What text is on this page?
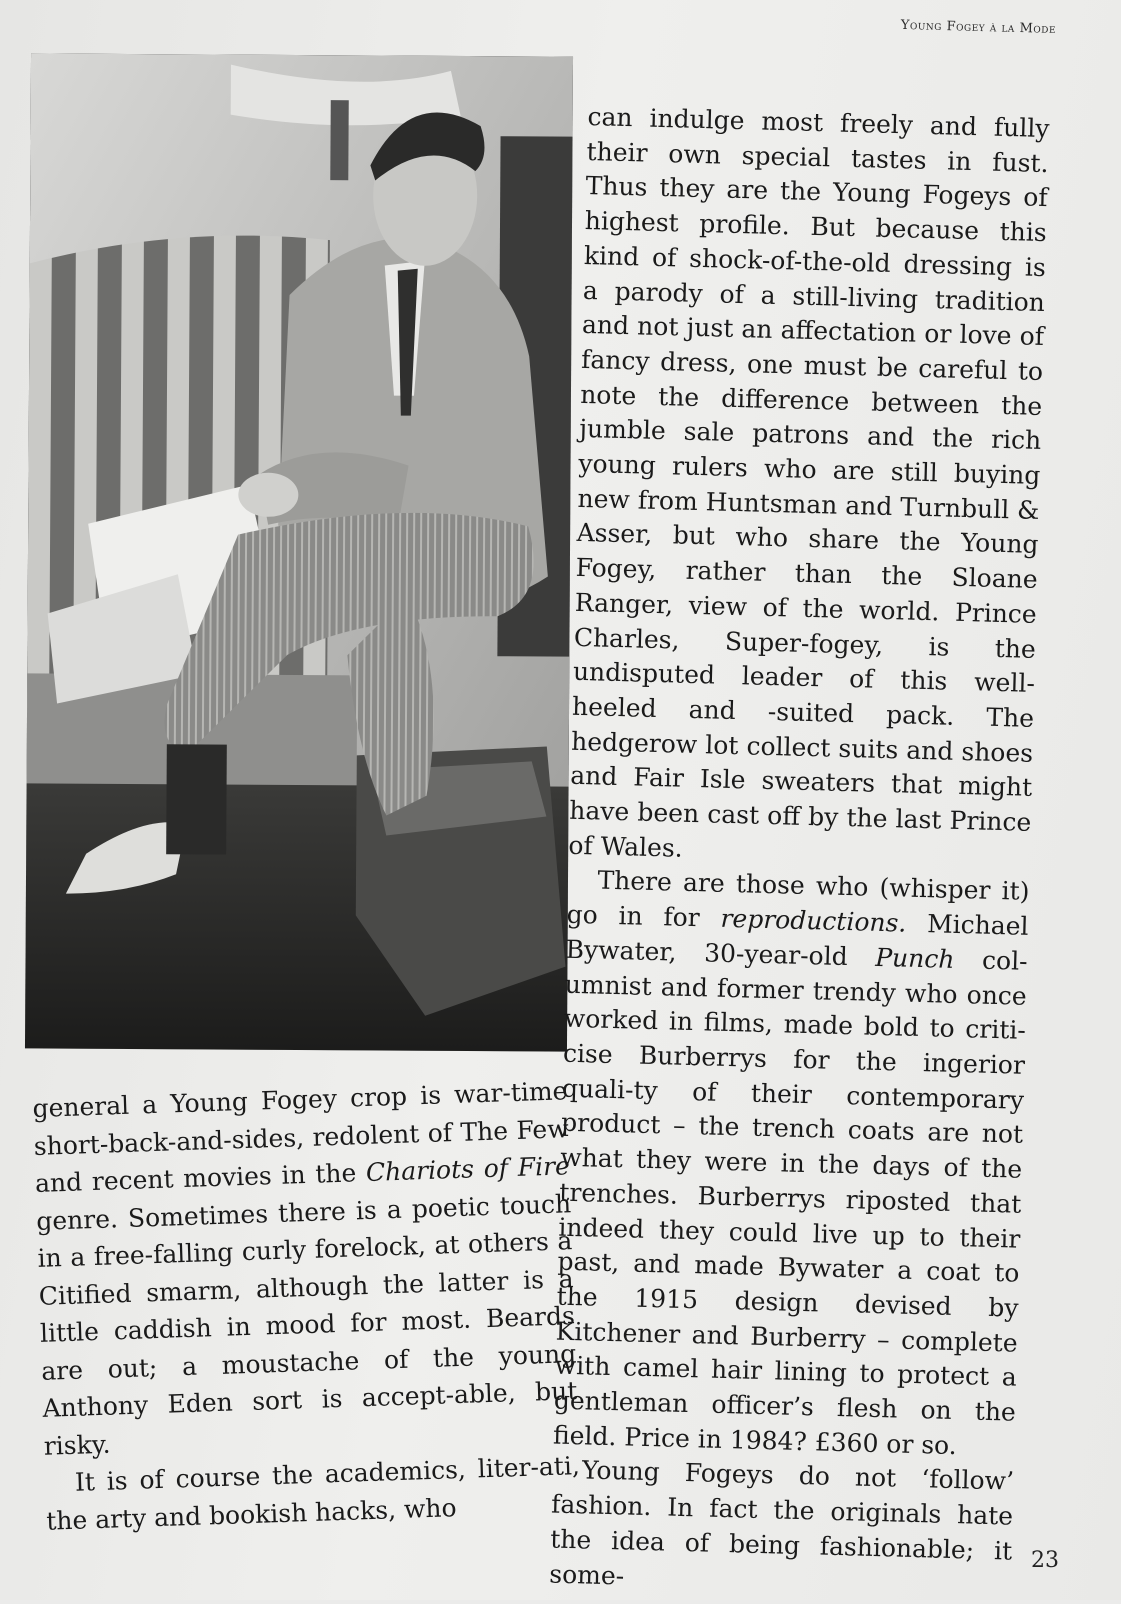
Young Fogey à la Mode

general a Young Fogey crop is war-time short-back-and-sides, redolent of The Few and recent movies in the Chariots of Fire genre. Sometimes there is a poetic touch in a free-falling curly forelock, at others a Citified smarm, although the latter is a little caddish in mood for most. Beards are out; a moustache of the young Anthony Eden sort is accept-able, but risky.

It is of course the academics, liter-ati, the arty and bookish hacks, who

can indulge most freely and fully their own special tastes in fust. Thus they are the Young Fogeys of highest profile. But because this kind of shock-of-the-old dressing is a parody of a still-living tradition and not just an affectation or love of fancy dress, one must be careful to note the difference between the jumble sale patrons and the rich young rulers who are still buying new from Huntsman and Turnbull & Asser, but who share the Young Fogey, rather than the Sloane Ranger, view of the world. Prince Charles, Super-fogey, is the undisputed leader of this well-heeled and -suited pack. The hedgerow lot collect suits and shoes and Fair Isle sweaters that might have been cast off by the last Prince of Wales.

There are those who (whisper it) go in for reproductions. Michael Bywater, 30-year-old Punch col-umnist and former trendy who once worked in films, made bold to criti-cise Burberrys for the ingerior quali-ty of their contemporary product – the trench coats are not what they were in the days of the trenches. Burberrys riposted that indeed they could live up to their past, and made Bywater a coat to the 1915 design devised by Kitchener and Burberry – complete with camel hair lining to protect a gentleman officer’s flesh on the field. Price in 1984? £360 or so.

Young Fogeys do not ‘follow’ fashion. In fact the originals hate the idea of being fashionable; it some-	23
